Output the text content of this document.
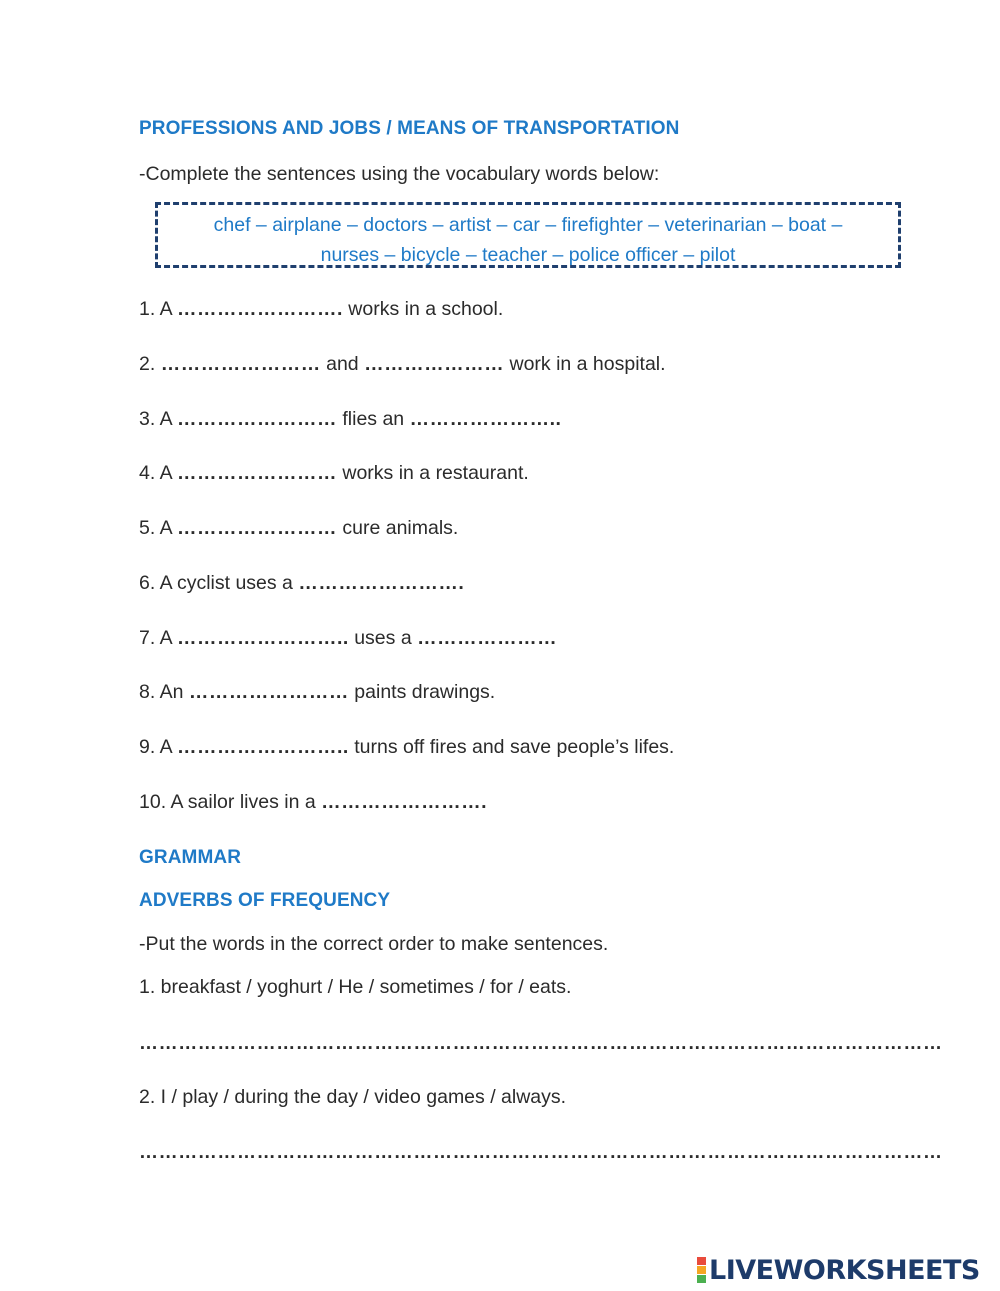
PROFESSIONS AND JOBS / MEANS OF TRANSPORTATION
-Complete the sentences using the vocabulary words below:
chef – airplane – doctors – artist – car – firefighter – veterinarian – boat –
nurses – bicycle – teacher – police officer – pilot
1. A ……………………. works in a school.
2. …………………… and ………………… work in a hospital.
3. A …………………… flies an …………………..
4. A …………………… works in a restaurant.
5. A …………………… cure animals.
6. A cyclist uses a …………………….
7. A …………………….. uses a …………………
8. An …………………… paints drawings.
9. A …………………….. turns off fires and save people’s lifes.
10. A sailor lives in a …………………….
GRAMMAR
ADVERBS OF FREQUENCY
-Put the words in the correct order to make sentences.
1. breakfast / yoghurt / He / sometimes / for / eats.
……………………………………………………………………………………………………………
2. I / play / during the day / video games / always.
……………………………………………………………………………………………………………
LIVEWORKSHEETS
